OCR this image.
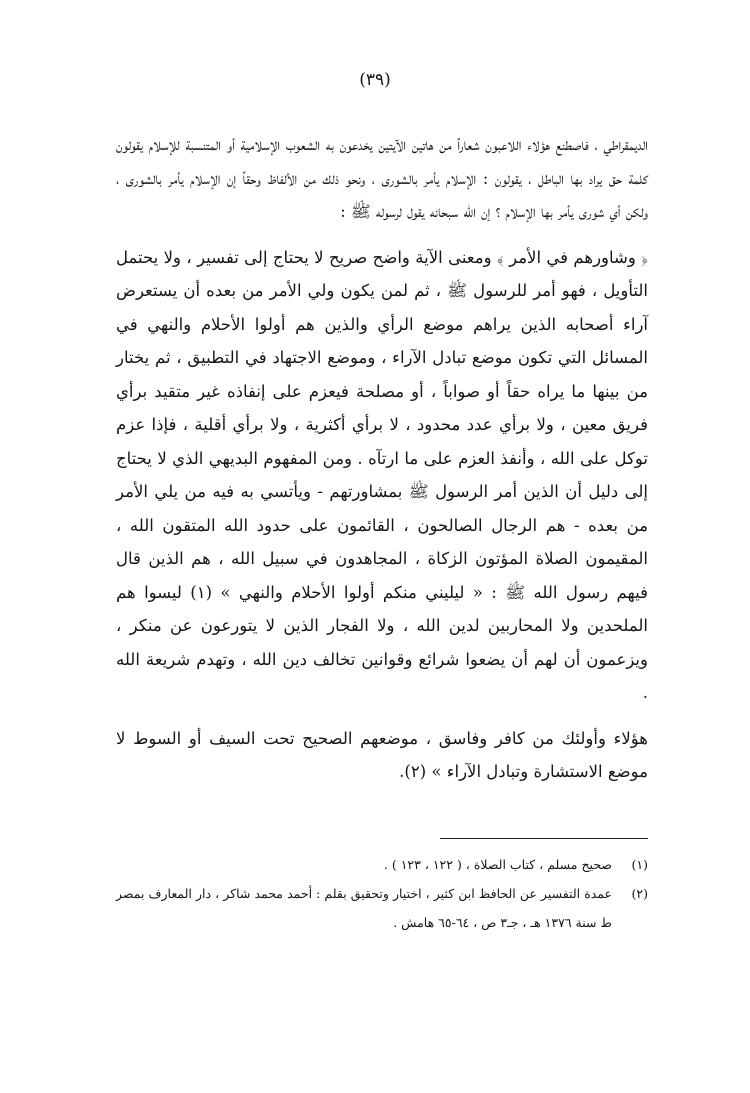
(٣٩)

الديمقراطي ، فاصطنع هؤلاء اللاعبون شعاراً من هاتين الآيتين يخدعون به الشعوب الإسلامية أو المتنسبة للإسلام يقولون كلمة حق يراد بها الباطل ، يقولون : الإسلام يأمر بالشورى ، ونحو ذلك من الألفاظ وحقاً إن الإسلام يأمر بالشورى ، ولكن أي شورى يأمر بها الإسلام ؟ إن الله سبحانه يقول لرسوله ﷺ :

﴿ وشاورهم في الأمر ﴾ ومعنى الآية واضح صريح لا يحتاج إلى تفسير ، ولا يحتمل التأويل ، فهو أمر للرسول ﷺ ، ثم لمن يكون ولي الأمر من بعده أن يستعرض آراء أصحابه الذين يراهم موضع الرأي والذين هم أولوا الأحلام والنهي في المسائل التي تكون موضع تبادل الآراء ، وموضع الاجتهاد في التطبيق ، ثم يختار من بينها ما يراه حقاً أو صواباً ، أو مصلحة فيعزم على إنفاذه غير متقيد برأي فريق معين ، ولا برأي عدد محدود ، لا برأي أكثرية ، ولا برأي أقلية ، فإذا عزم توكل على الله ، وأنفذ العزم على ما ارتآه . ومن المفهوم البديهي الذي لا يحتاج إلى دليل أن الذين أمر الرسول ﷺ بمشاورتهم - ويأتسي به فيه من يلي الأمر من بعده - هم الرجال الصالحون ، القائمون على حدود الله المتقون الله ، المقيمون الصلاة المؤتون الزكاة ، المجاهدون في سبيل الله ، هم الذين قال فيهم رسول الله ﷺ : « ليليني منكم أولوا الأحلام والنهي » (١) ليسوا هم الملحدين ولا المحاربين لدين الله ، ولا الفجار الذين لا يتورعون عن منكر ، ويزعمون أن لهم أن يضعوا شرائع وقوانين تخالف دين الله ، وتهدم شريعة الله .

هؤلاء وأولئك من كافر وفاسق ، موضعهم الصحيح تحت السيف أو السوط لا موضع الاستشارة وتبادل الآراء » (٢).

(١)
صحيح مسلم ، كتاب الصلاة ، ( ١٢٢ ، ١٢٣ ) .
(٢)
عمدة التفسير عن الحافظ ابن كثير ، اختيار وتحقيق بقلم : أحمد محمد شاكر ، دار المعارف بمصر ط سنة ١٣٧٦ هـ ، جـ٣ ص ، ٦٤-٦٥ هامش .
